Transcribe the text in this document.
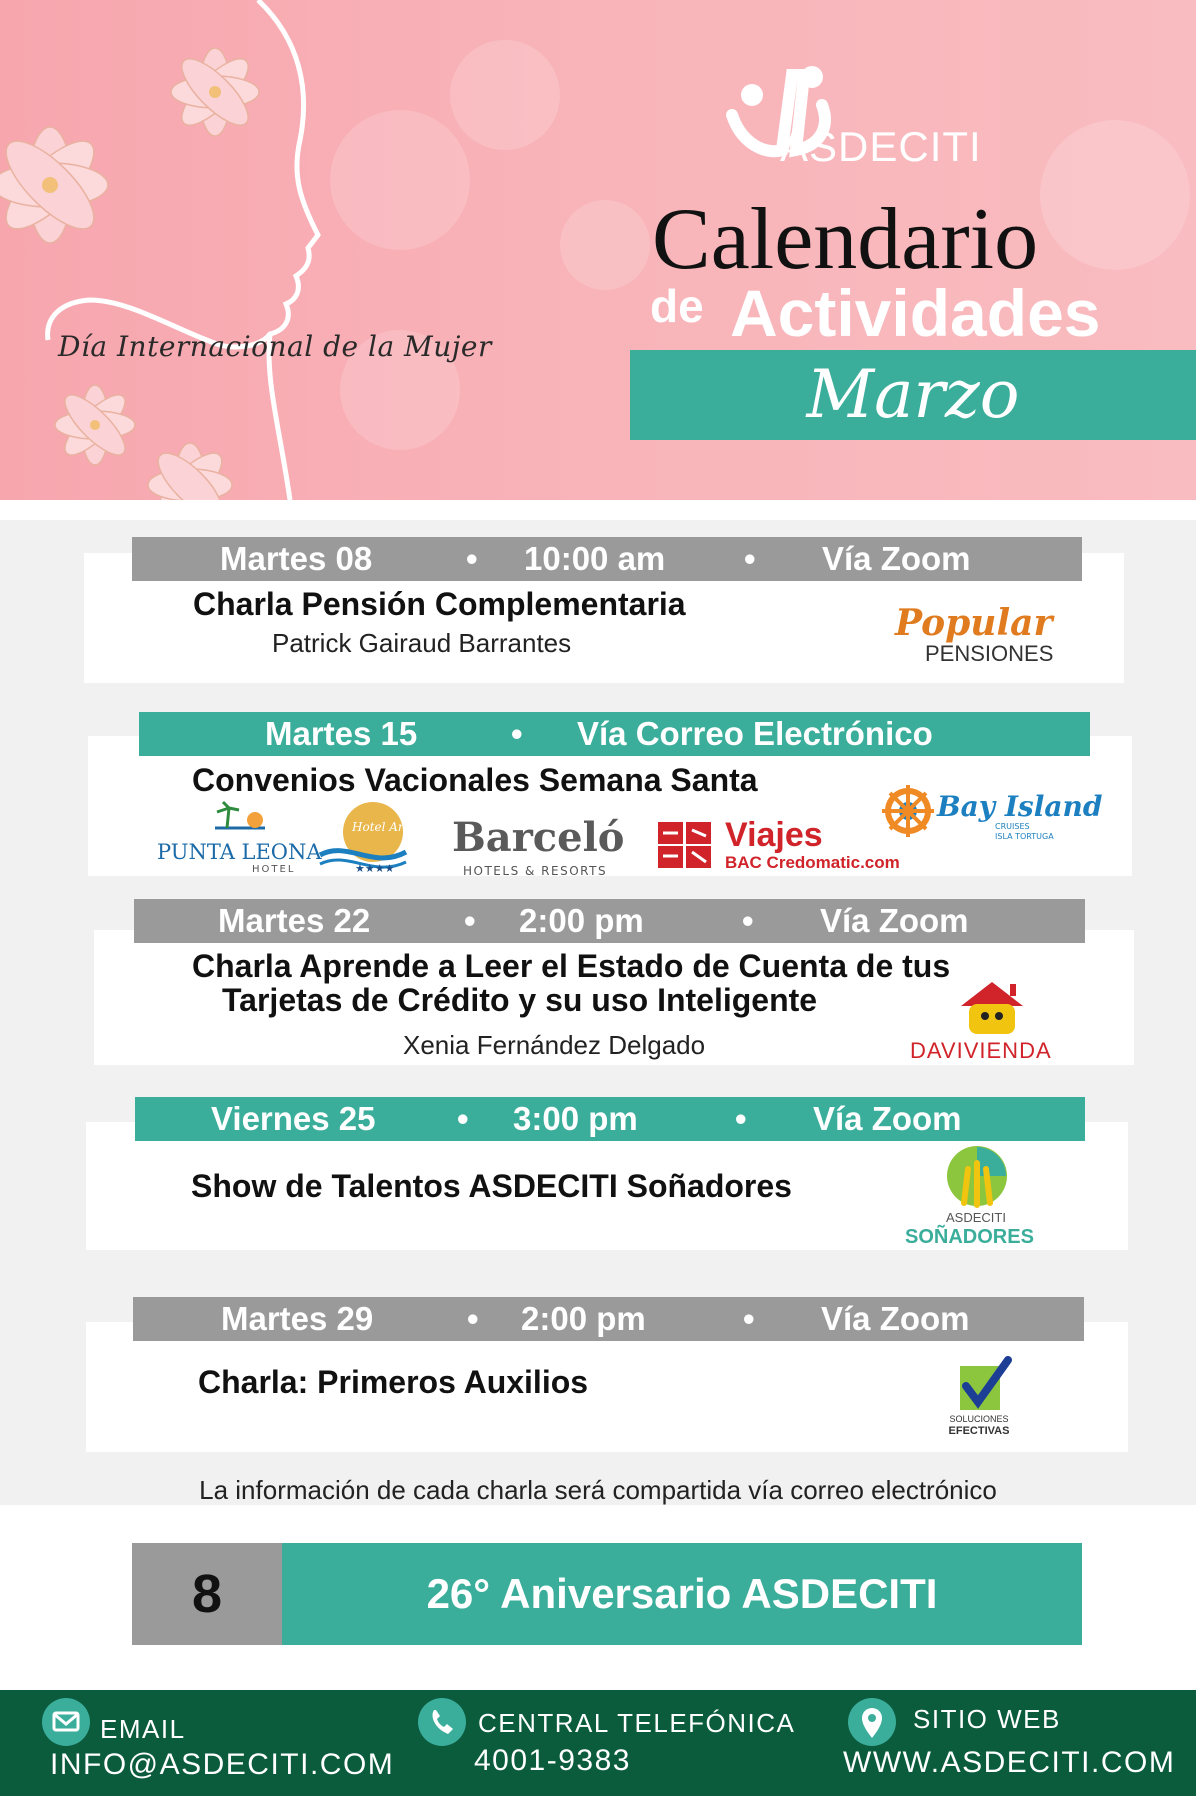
Día Internacional de la Mujer
ASDECITI
Calendario
de Actividades
Marzo
Martes 08	• 10:00 am • Vía Zoom
Charla Pensión Complementaria
Patrick Gairaud Barrantes	Popular
PENSIONES
Martes 15	• Vía Correo Electrónico
Convenios Vacionales Semana Santa
PUNTA LEONA
HOTEL
Hotel Arenas
★★★★
Barceló
HOTELS & RESORTS
Viajes
BAC Credomatic.com
Bay Island
CRUISES
ISLA TORTUGA
Martes 22	• 2:00 pm	• Vía Zoom
Charla Aprende a Leer el Estado de Cuenta de tus
Tarjetas de Crédito y su uso Inteligente
Xenia Fernández Delgado	DAVIVIENDA
Viernes 25 • 3:00 pm	• Vía Zoom
Show de Talentos ASDECITI Soñadores
ASDECITI
SOÑADORES
Martes 29	• 2:00 pm	• Vía Zoom
Charla: Primeros Auxilios
SOLUCIONES
EFECTIVAS
La información de cada charla será compartida vía correo electrónico
8	26° Aniversario ASDECITI
EMAIL
INFO@ASDECITI.COM
CENTRAL TELEFÓNICA
4001-9383
SITIO WEB
WWW.ASDECITI.COM
